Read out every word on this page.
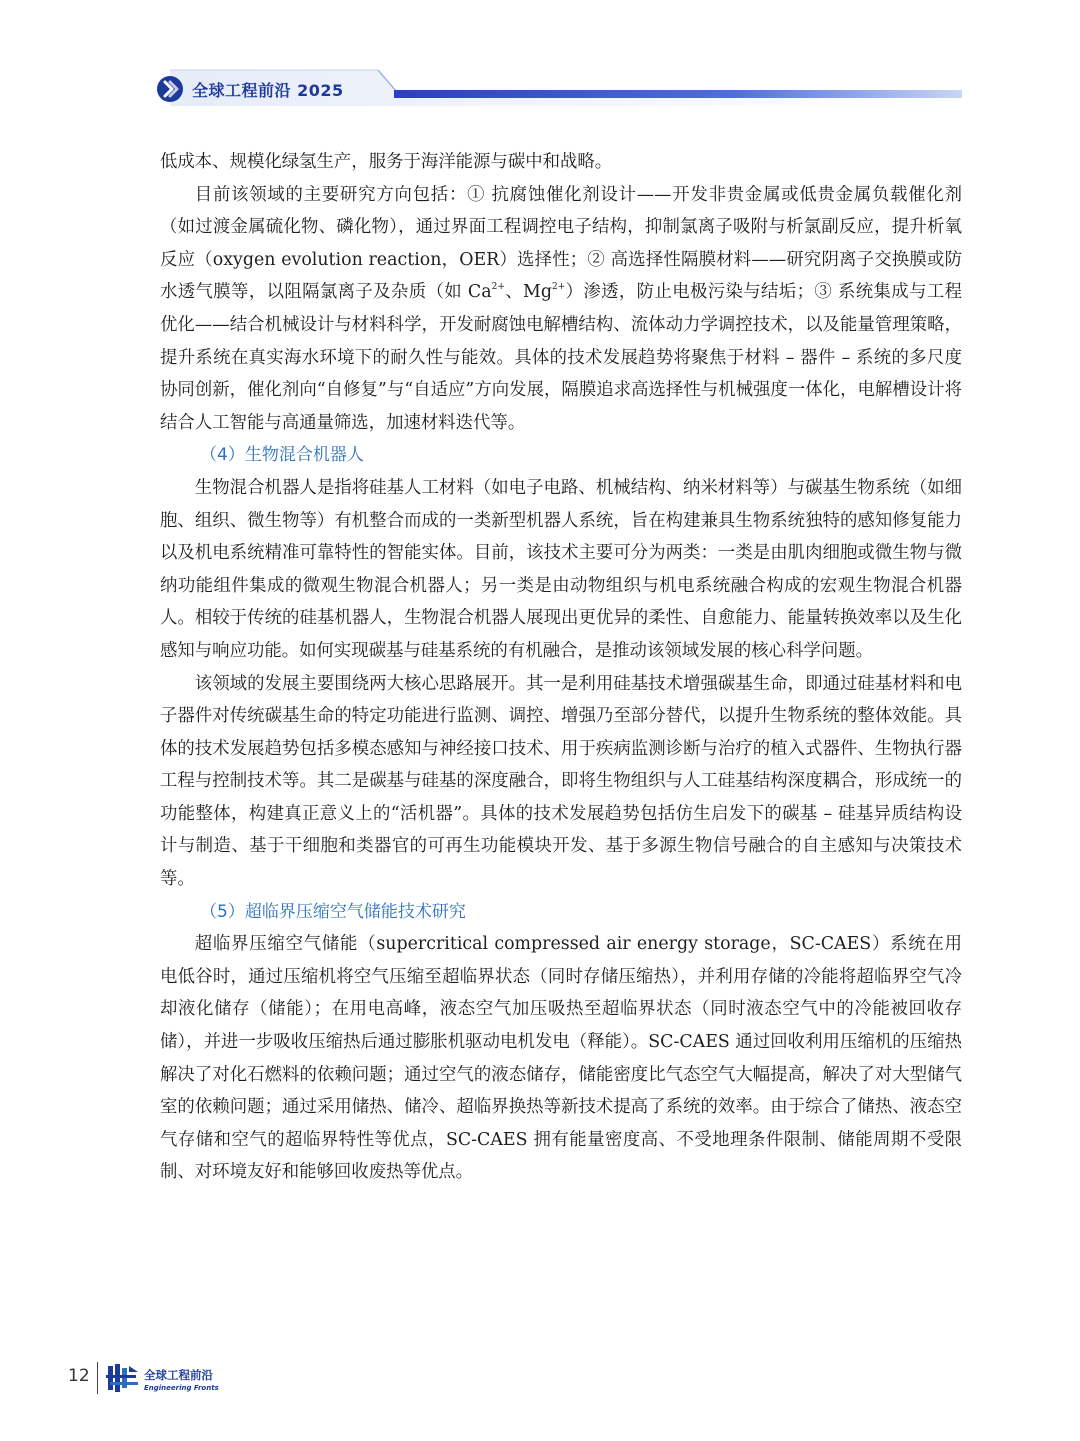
全球工程前沿 2025

低成本、规模化绿氢生产，服务于海洋能源与碳中和战略。

目前该领域的主要研究方向包括：① 抗腐蚀催化剂设计——开发非贵金属或低贵金属负载催化剂（如过渡金属硫化物、磷化物），通过界面工程调控电子结构，抑制氯离子吸附与析氯副反应，提升析氧反应（oxygen evolution reaction，OER）选择性；② 高选择性隔膜材料——研究阴离子交换膜或防水透气膜等，以阻隔氯离子及杂质（如 $Ca^{2+}$、$Mg^{2+}$）渗透，防止电极污染与结垢；③ 系统集成与工程优化——结合机械设计与材料科学，开发耐腐蚀电解槽结构、流体动力学调控技术，以及能量管理策略，提升系统在真实海水环境下的耐久性与能效。具体的技术发展趋势将聚焦于材料 – 器件 – 系统的多尺度协同创新，催化剂向“自修复”与“自适应”方向发展，隔膜追求高选择性与机械强度一体化，电解槽设计将结合人工智能与高通量筛选，加速材料迭代等。

（4）生物混合机器人

生物混合机器人是指将硅基人工材料（如电子电路、机械结构、纳米材料等）与碳基生物系统（如细胞、组织、微生物等）有机整合而成的一类新型机器人系统，旨在构建兼具生物系统独特的感知修复能力以及机电系统精准可靠特性的智能实体。目前，该技术主要可分为两类：一类是由肌肉细胞或微生物与微纳功能组件集成的微观生物混合机器人；另一类是由动物组织与机电系统融合构成的宏观生物混合机器人。相较于传统的硅基机器人，生物混合机器人展现出更优异的柔性、自愈能力、能量转换效率以及生化感知与响应功能。如何实现碳基与硅基系统的有机融合，是推动该领域发展的核心科学问题。

该领域的发展主要围绕两大核心思路展开。其一是利用硅基技术增强碳基生命，即通过硅基材料和电子器件对传统碳基生命的特定功能进行监测、调控、增强乃至部分替代，以提升生物系统的整体效能。具体的技术发展趋势包括多模态感知与神经接口技术、用于疾病监测诊断与治疗的植入式器件、生物执行器工程与控制技术等。其二是碳基与硅基的深度融合，即将生物组织与人工硅基结构深度耦合，形成统一的功能整体，构建真正意义上的“活机器”。具体的技术发展趋势包括仿生启发下的碳基 – 硅基异质结构设计与制造、基于干细胞和类器官的可再生功能模块开发、基于多源生物信号融合的自主感知与决策技术等。

（5）超临界压缩空气储能技术研究

超临界压缩空气储能（supercritical compressed air energy storage，SC-CAES）系统在用电低谷时，通过压缩机将空气压缩至超临界状态（同时存储压缩热），并利用存储的冷能将超临界空气冷却液化储存（储能）；在用电高峰，液态空气加压吸热至超临界状态（同时液态空气中的冷能被回收存储），并进一步吸收压缩热后通过膨胀机驱动电机发电（释能）。SC-CAES 通过回收利用压缩机的压缩热解决了对化石燃料的依赖问题；通过空气的液态储存，储能密度比气态空气大幅提高，解决了对大型储气室的依赖问题；通过采用储热、储冷、超临界换热等新技术提高了系统的效率。由于综合了储热、液态空气存储和空气的超临界特性等优点，SC-CAES 拥有能量密度高、不受地理条件限制、储能周期不受限制、对环境友好和能够回收废热等优点。

12	全球工程前沿
Engineering Fronts
